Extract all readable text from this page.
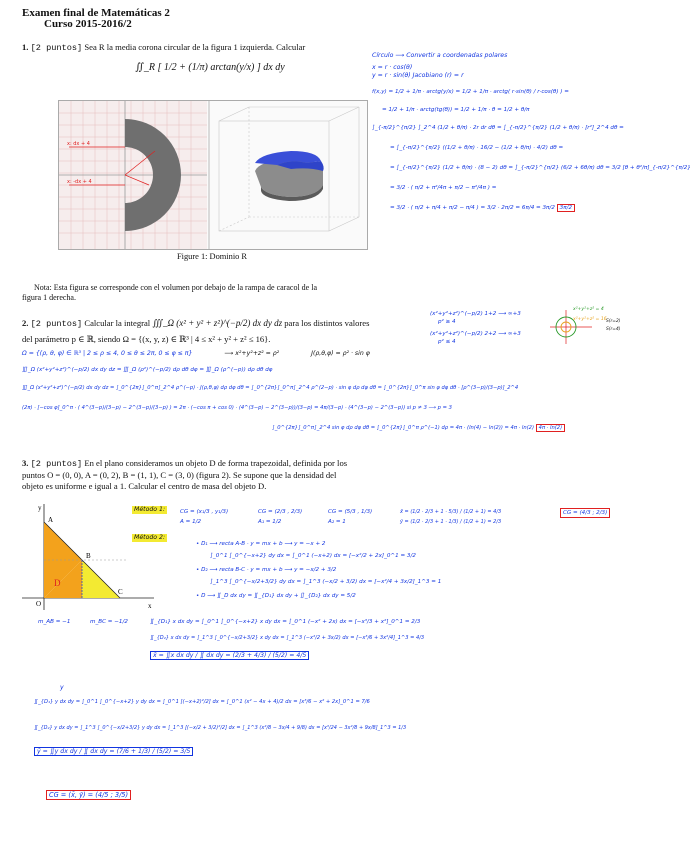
Examen final de Matemáticas 2
Curso 2015-2016/2
1. [2 puntos] Sea R la media corona circular de la figura 1 izquierda. Calcular
∬_R [ 1/2 + (1/π) arctan(y/x) ] dx dy
x: dx + 4
x: -dx + 4
Figure 1: Dominio R
Nota: Esta figura se corresponde con el volumen por debajo de la rampa de caracol de la
figura 1 derecha.
Círculo ⟶ Convertir a coordenadas polares
x = r · cos(θ)
y = r · sin(θ) Jacobiano (r) = r
f(x,y) = 1/2 + 1/π · arctg(y/x) = 1/2 + 1/π · arctg( r·sin(θ) / r·cos(θ) ) =
= 1/2 + 1/π · arctg(tg(θ)) = 1/2 + 1/π · θ = 1/2 + θ/π
∫_{-π/2}^{π/2} ∫_2^4 (1/2 + θ/π) · 2r dr dθ = ∫_{-π/2}^{π/2} (1/2 + θ/π) · [r²]_2^4 dθ =
= ∫_{-π/2}^{π/2} ((1/2 + θ/π) · 16/2 − (1/2 + θ/π) · 4/2) dθ =
= ∫_{-π/2}^{π/2} (1/2 + θ/π) · (8 − 2) dθ = ∫_{-π/2}^{π/2} (6/2 + 6θ/π) dθ = 3/2 [θ + θ²/π]_{-π/2}^{π/2}
= 3/2 · ( π/2 + π²/4π + π/2 − π²/4π ) =
= 3/2 · ( π/2 + π/4 + π/2 − π/4 ) = 3/2 · 2π/2 = 6π/4 = 3π/2 3π/2
2. [2 puntos] Calcular la integral ∭_Ω (x² + y² + z²)^(−p/2) dx dy dz para los distintos valores
del parámetro p ∈ ℝ, siendo Ω = {(x, y, z) ∈ ℝ³ | 4 ≤ x² + y² + z² ≤ 16}.
(x²+y²+z²)^(−p/2) 1+2 ⟶ ∞+3
p² ≥ 4
(x²+y²+z²)^(−p/2) 2+2 ⟶ ∞+3
p² ≤ 4
x²+y²+z² = 4
x²+y²+z² = 16 S(r=2)
S(r=4)
Ω = {(ρ, θ, φ) ∈ ℝ³ | 2 ≤ ρ ≤ 4, 0 ≤ θ ≤ 2π, 0 ≤ φ ≤ π}	⟶ x²+y²+z² = ρ²	J(ρ,θ,φ) = ρ² · sin φ
∭_Ω (x²+y²+z²)^(−p/2) dx dy dz = ∭_Ω (ρ²)^(−p/2) dρ dθ dφ = ∭_Ω (ρ^(−p)) dρ dθ dφ
∭_Ω (x²+y²+z²)^(−p/2) dx dy dz = ∫_0^{2π}∫_0^π∫_2^4 ρ^(−p) · J(ρ,θ,φ) dρ dφ dθ = ∫_0^{2π}∫_0^π∫_2^4 ρ^(2−p) · sin φ dρ dφ dθ = ∫_0^{2π}∫_0^π sin φ dφ dθ · [ρ^(3−p)/(3−p)]_2^4
(2π) · [−cos φ]_0^π · ( 4^(3−p)/(3−p) − 2^(3−p)/(3−p) ) = 2π · (−cos π + cos 0) · (4^(3−p) − 2^(3−p))/(3−p) = 4π/(3−p) · (4^(3−p) − 2^(3−p)) si p ≠ 3 ⟶ p = 3
∫_0^{2π}∫_0^π∫_2^4 sin φ dρ dφ dθ = ∫_0^{2π}∫_0^π ρ^(−1) dρ = 4π · (ln(4) − ln(2)) = 4π · ln(2) 4π · ln(2)
3. [2 puntos] En el plano consideramos un objeto D de forma trapezoidal, definida por los
puntos O = (0, 0), A = (0, 2), B = (1, 1), C = (3, 0) (figura 2). Se supone que la densidad del
objeto es uniforme e igual a 1. Calcular el centro de masa del objeto D.
A
B
C
O
D
y
x
m_AB = −1	m_BC = −1/2
Método 1:	CG = (x₁/3 , y₁/3)
A = 1/2
CG = (2/3 , 2/3)
A₁ = 1/2
CG = (5/3 , 1/3)
A₂ = 1
x̄ = (1/2 · 2/3 + 1 · 5/3) / (1/2 + 1) = 4/3
ȳ = (1/2 · 2/3 + 1 · 1/3) / (1/2 + 1) = 2/3
CG = (4/3 ; 2/3)
Método 2:
• D₁ ⟶ recta A-B · y = mx + b ⟶ y = −x + 2
∫_0^1 ∫_0^{−x+2} dy dx = ∫_0^1 (−x+2) dx = [−x²/2 + 2x]_0^1 = 3/2
• D₂ ⟶ recta B-C · y = mx + b ⟶ y = −x/2 + 3/2
∫_1^3 ∫_0^{−x/2+3/2} dy dx = ∫_1^3 (−x/2 + 3/2) dx = [−x²/4 + 3x/2]_1^3 = 1
• D ⟶ ∬_D dx dy = ∬_{D₁} dx dy + ∬_{D₂} dx dy = 5/2
∬_{D₁} x dx dy = ∫_0^1 ∫_0^{−x+2} x dy dx = ∫_0^1 (−x² + 2x) dx = [−x³/3 + x²]_0^1 = 2/3
∬_{D₂} x dx dy = ∫_1^3 ∫_0^{−x/2+3/2} x dy dx = ∫_1^3 (−x²/2 + 3x/2) dx = [−x³/6 + 3x²/4]_1^3 = 4/3
x̄ = ∬x dx dy / ∬ dx dy = (2/3 + 4/3) / (5/2) = 4/5
y
∬_{D₁} y dx dy = ∫_0^1 ∫_0^{−x+2} y dy dx = ∫_0^1 [(−x+2)²/2] dx = ∫_0^1 (x² − 4x + 4)/2 dx = [x³/6 − x² + 2x]_0^1 = 7/6
∬_{D₂} y dx dy = ∫_1^3 ∫_0^{−x/2+3/2} y dy dx = ∫_1^3 [(−x/2 + 3/2)²/2] dx = ∫_1^3 (x²/8 − 3x/4 + 9/8) dx = [x³/24 − 3x²/8 + 9x/8]_1^3 = 1/3
ȳ = ∬y dx dy / ∬ dx dy = (7/6 + 1/3) / (5/2) = 3/5
CG = (x̄, ȳ) = (4/5 ; 3/5)
